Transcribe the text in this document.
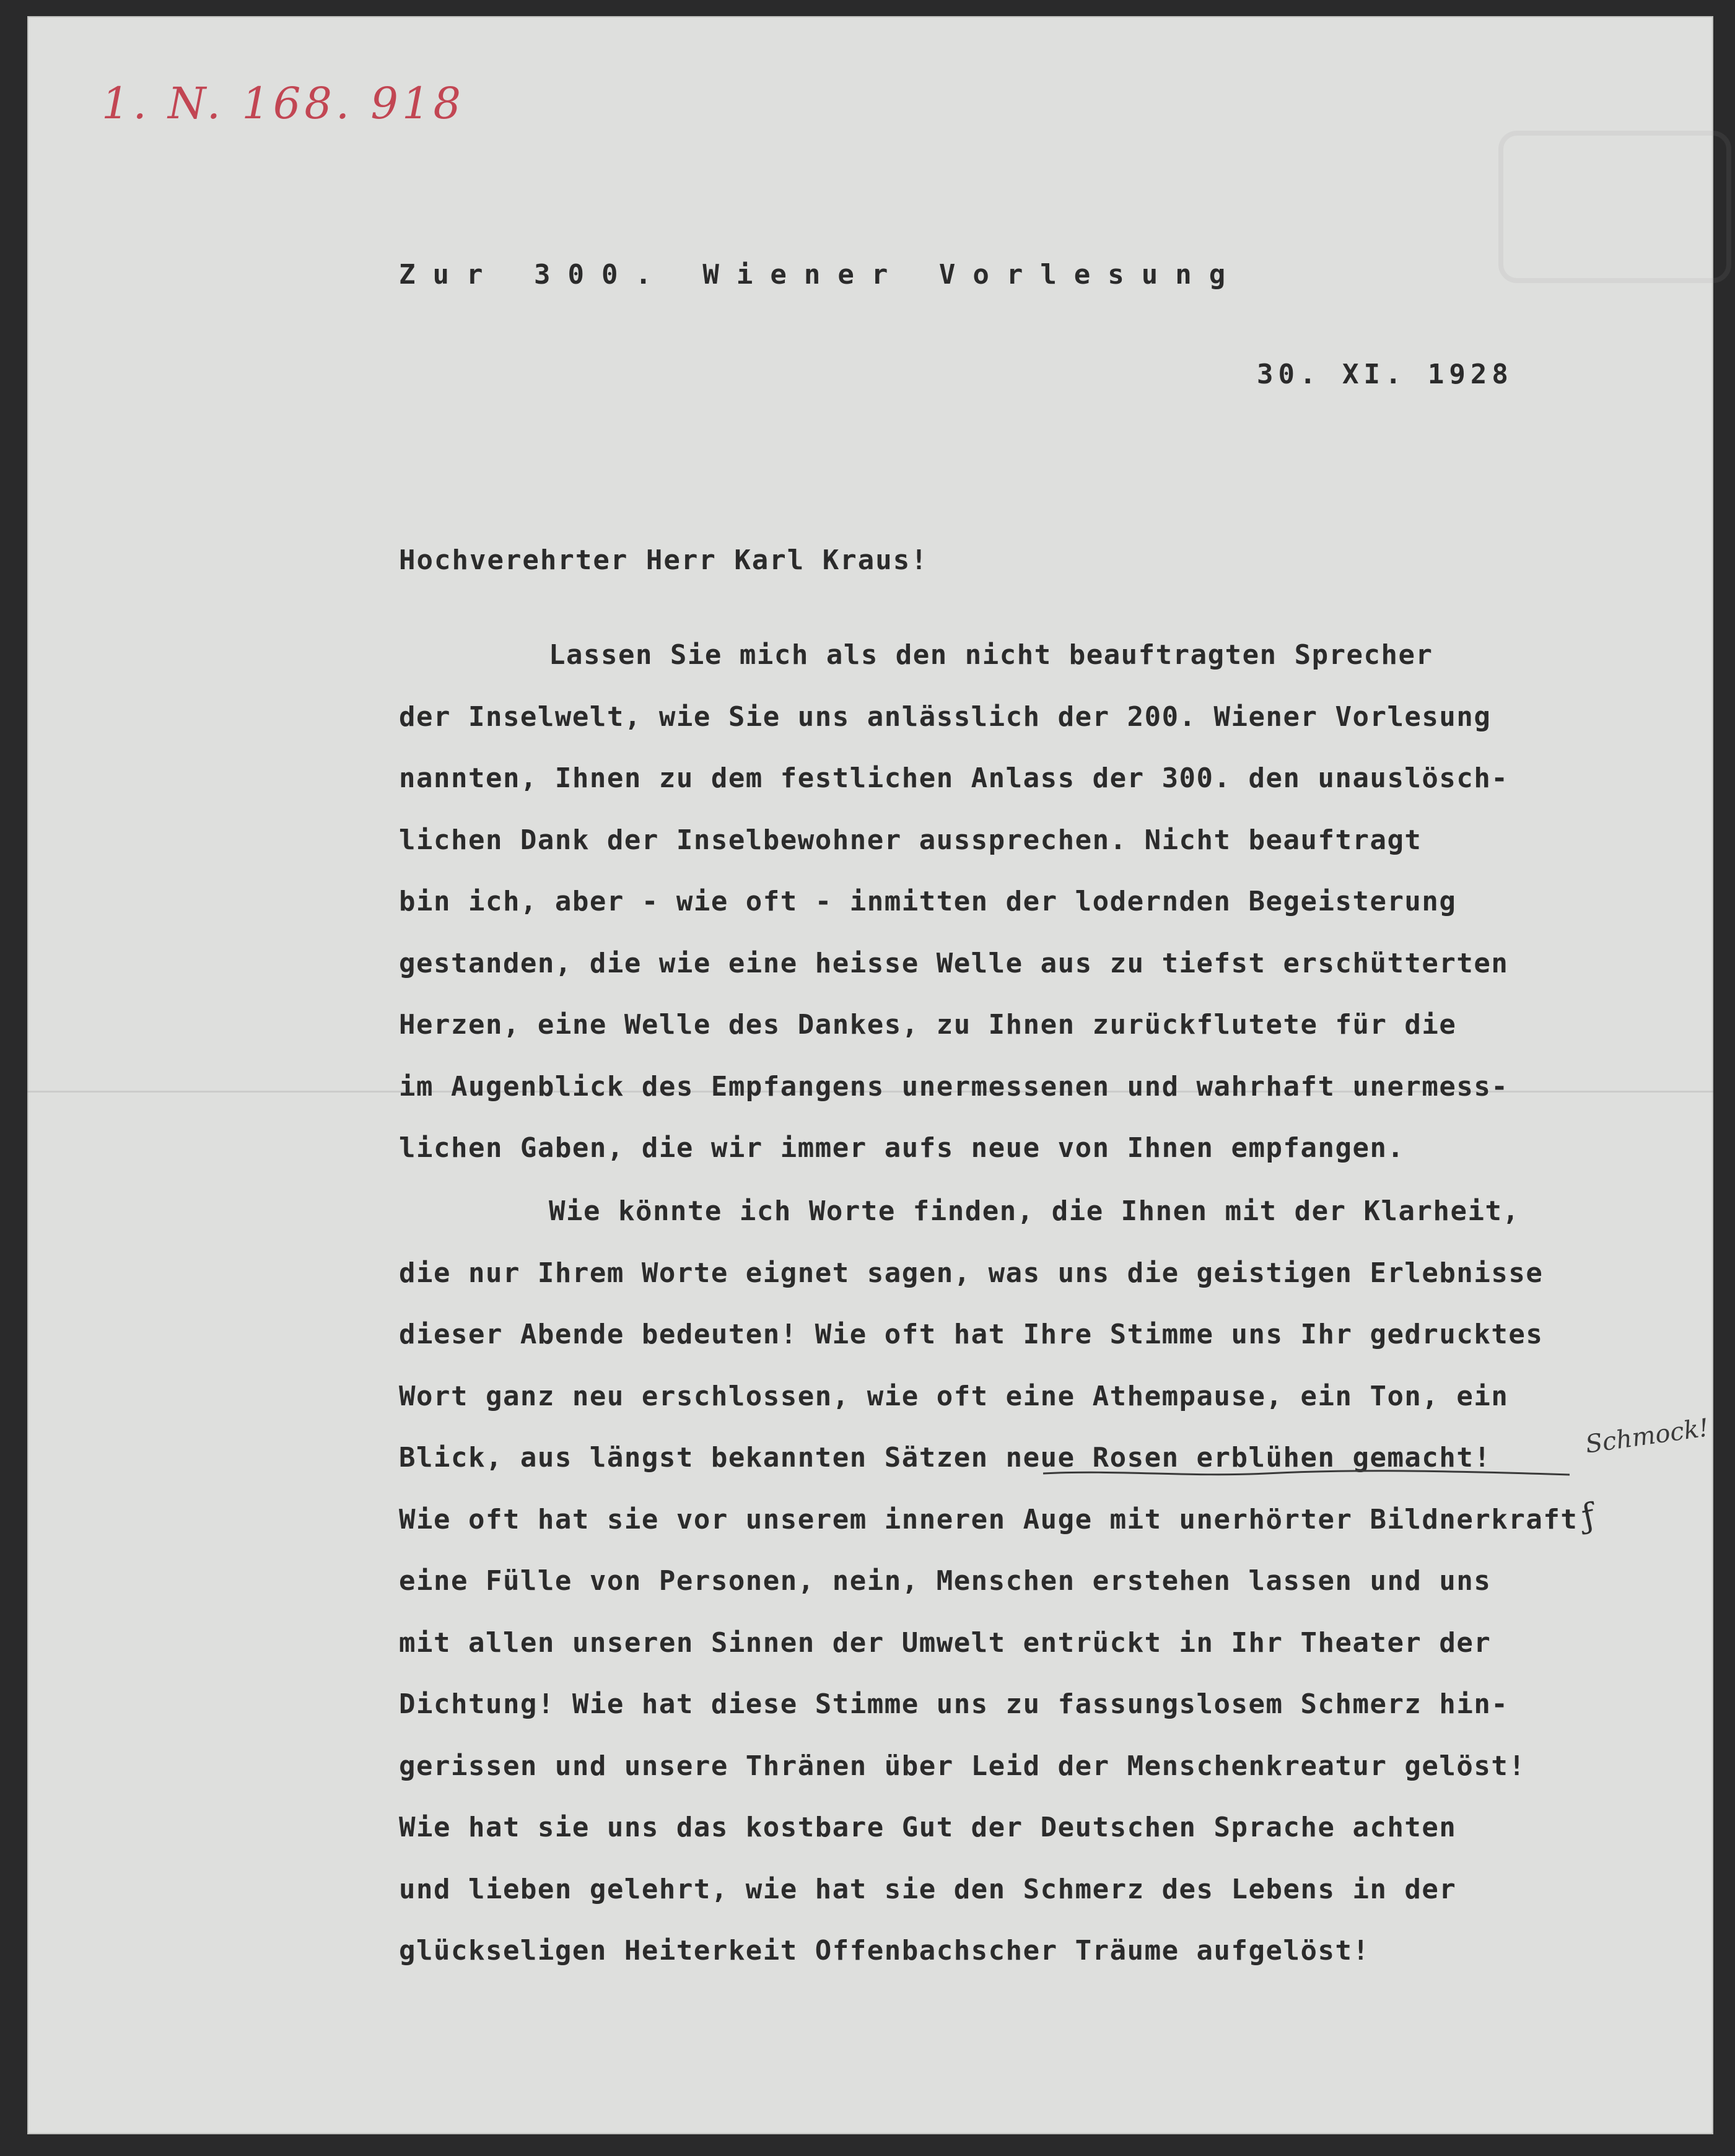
1. N. 168. 918
Zur 300. Wiener Vorlesung
30. XI. 1928
Hochverehrter Herr Karl Kraus!
Lassen Sie mich als den nicht beauftragten Sprecher
der Inselwelt, wie Sie uns anlässlich der 200. Wiener Vorlesung
nannten, Ihnen zu dem festlichen Anlass der 300. den unauslösch-
lichen Dank der Inselbewohner aussprechen. Nicht beauftragt
bin ich, aber - wie oft - inmitten der lodernden Begeisterung
gestanden, die wie eine heisse Welle aus zu tiefst erschütterten
Herzen, eine Welle des Dankes, zu Ihnen zurückflutete für die
im Augenblick des Empfangens unermessenen und wahrhaft unermess-
lichen Gaben, die wir immer aufs neue von Ihnen empfangen.
Wie könnte ich Worte finden, die Ihnen mit der Klarheit,
die nur Ihrem Worte eignet sagen, was uns die geistigen Erlebnisse
dieser Abende bedeuten! Wie oft hat Ihre Stimme uns Ihr gedrucktes
Wort ganz neu erschlossen, wie oft eine Athempause, ein Ton, ein
Blick, aus längst bekannten Sätzen neue Rosen erblühen gemacht!
Wie oft hat sie vor unserem inneren Auge mit unerhörter Bildnerkraft
eine Fülle von Personen, nein, Menschen erstehen lassen und uns
mit allen unseren Sinnen der Umwelt entrückt in Ihr Theater der
Dichtung! Wie hat diese Stimme uns zu fassungslosem Schmerz hin-
gerissen und unsere Thränen über Leid der Menschenkreatur gelöst!
Wie hat sie uns das kostbare Gut der Deutschen Sprache achten
und lieben gelehrt, wie hat sie den Schmerz des Lebens in der
glückseligen Heiterkeit Offenbachscher Träume aufgelöst!
Schmock!
ƒ
